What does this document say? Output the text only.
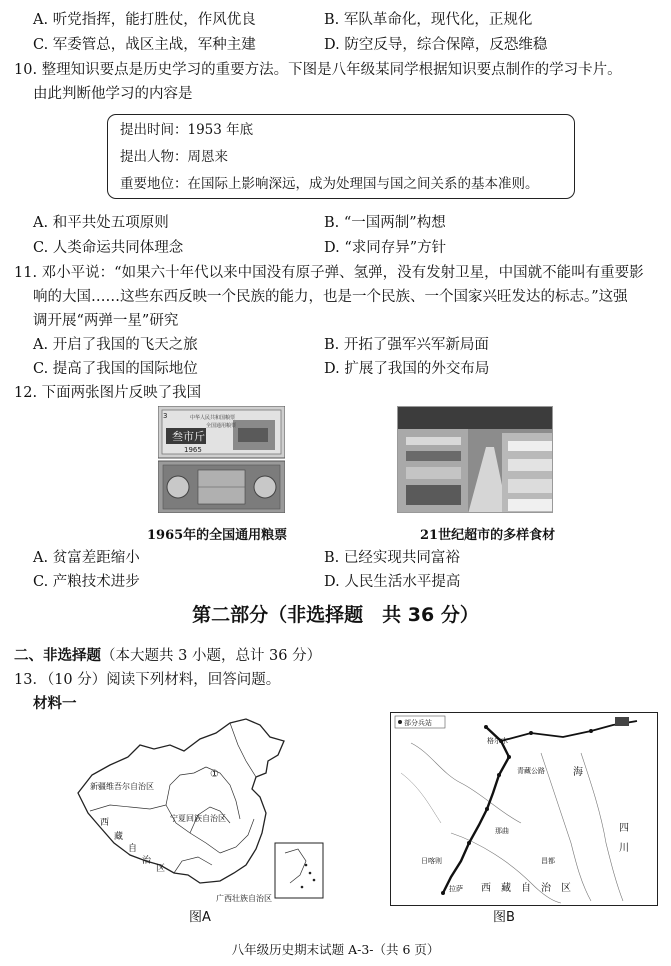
A. 听党指挥，能打胜仗，作风优良	B. 军队革命化，现代化，正规化
C. 军委管总，战区主战，军种主建	D. 防空反导，综合保障，反恐维稳
10. 整理知识要点是历史学习的重要方法。下图是八年级某同学根据知识要点制作的学习卡片。
由此判断他学习的内容是
提出时间：1953 年底
提出人物：周恩来
重要地位：在国际上影响深远，成为处理国与国之间关系的基本准则。
A. 和平共处五项原则	B. “一国两制”构想
C. 人类命运共同体理念	D. “求同存异”方针
11. 邓小平说：“如果六十年代以来中国没有原子弹、氢弹，没有发射卫星，中国就不能叫有重要影
响的大国……这些东西反映一个民族的能力，也是一个民族、一个国家兴旺发达的标志。”这强
调开展“两弹一星”研究
A. 开启了我国的飞天之旅	B. 开拓了强军兴军新局面
C. 提高了我国的国际地位	D. 扩展了我国的外交布局
12. 下面两张图片反映了我国
叁市斤
中华人民共和国粮票
全国通用粮票
1965
3
1965年的全国通用粮票	21世纪超市的多样食材
A. 贫富差距缩小	B. 已经实现共同富裕
C. 产粮技术进步	D. 人民生活水平提高
第二部分（非选择题　共 36 分）
二、非选择题（本大题共 3 小题，总计 36 分）
13．（10 分）阅读下列材料，回答问题。
材料一
新疆维吾尔自治区
宁夏回族自治区
西
藏
自
治
区
广西壮族自治区
①
图A
部分兵站
格尔木
青藏公路
拉萨
日喀则	昌都
那曲
海
西 藏 自 治 区
四
川
图B
八年级历史期末试题 A-3-（共 6 页）
